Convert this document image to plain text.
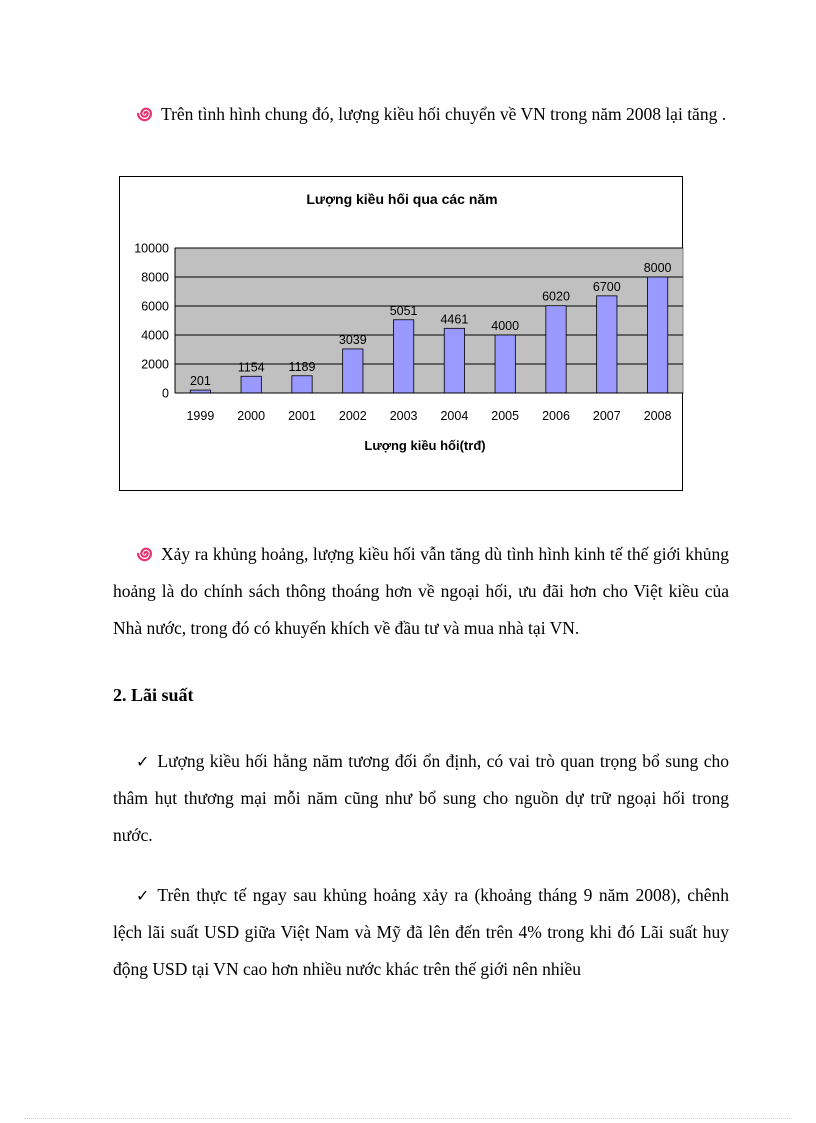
Trên tình hình chung đó, lượng kiều hối chuyển về VN trong năm 2008 lại tăng .

Lượng kiều hối qua các năm
0
2000
4000
6000
8000
10000
201
1154 1189
3039
5051
4461 4000
6020
6700
8000
1999 2000 2001 2002 2003 2004 2005 2006 2007 2008
Lượng kiều hối(trđ)

Xảy ra khủng hoảng, lượng kiều hối vẫn tăng dù tình hình kinh tế thế giới khủng hoảng là do chính sách thông thoáng hơn về ngoại hối, ưu đãi hơn cho Việt kiều của Nhà nước, trong đó có khuyến khích về đầu tư và mua nhà tại VN.

2. Lãi suất

✓ Lượng kiều hối hằng năm tương đối ổn định, có vai trò quan trọng bổ sung cho thâm hụt thương mại mỗi năm cũng như bổ sung cho nguồn dự trữ ngoại hối trong nước.

✓ Trên thực tế ngay sau khủng hoảng xảy ra (khoảng tháng 9 năm 2008), chênh lệch lãi suất USD giữa Việt Nam và Mỹ đã lên đến trên 4% trong khi đó Lãi suất huy động USD tại VN cao hơn nhiều nước khác trên thế giới nên nhiều
